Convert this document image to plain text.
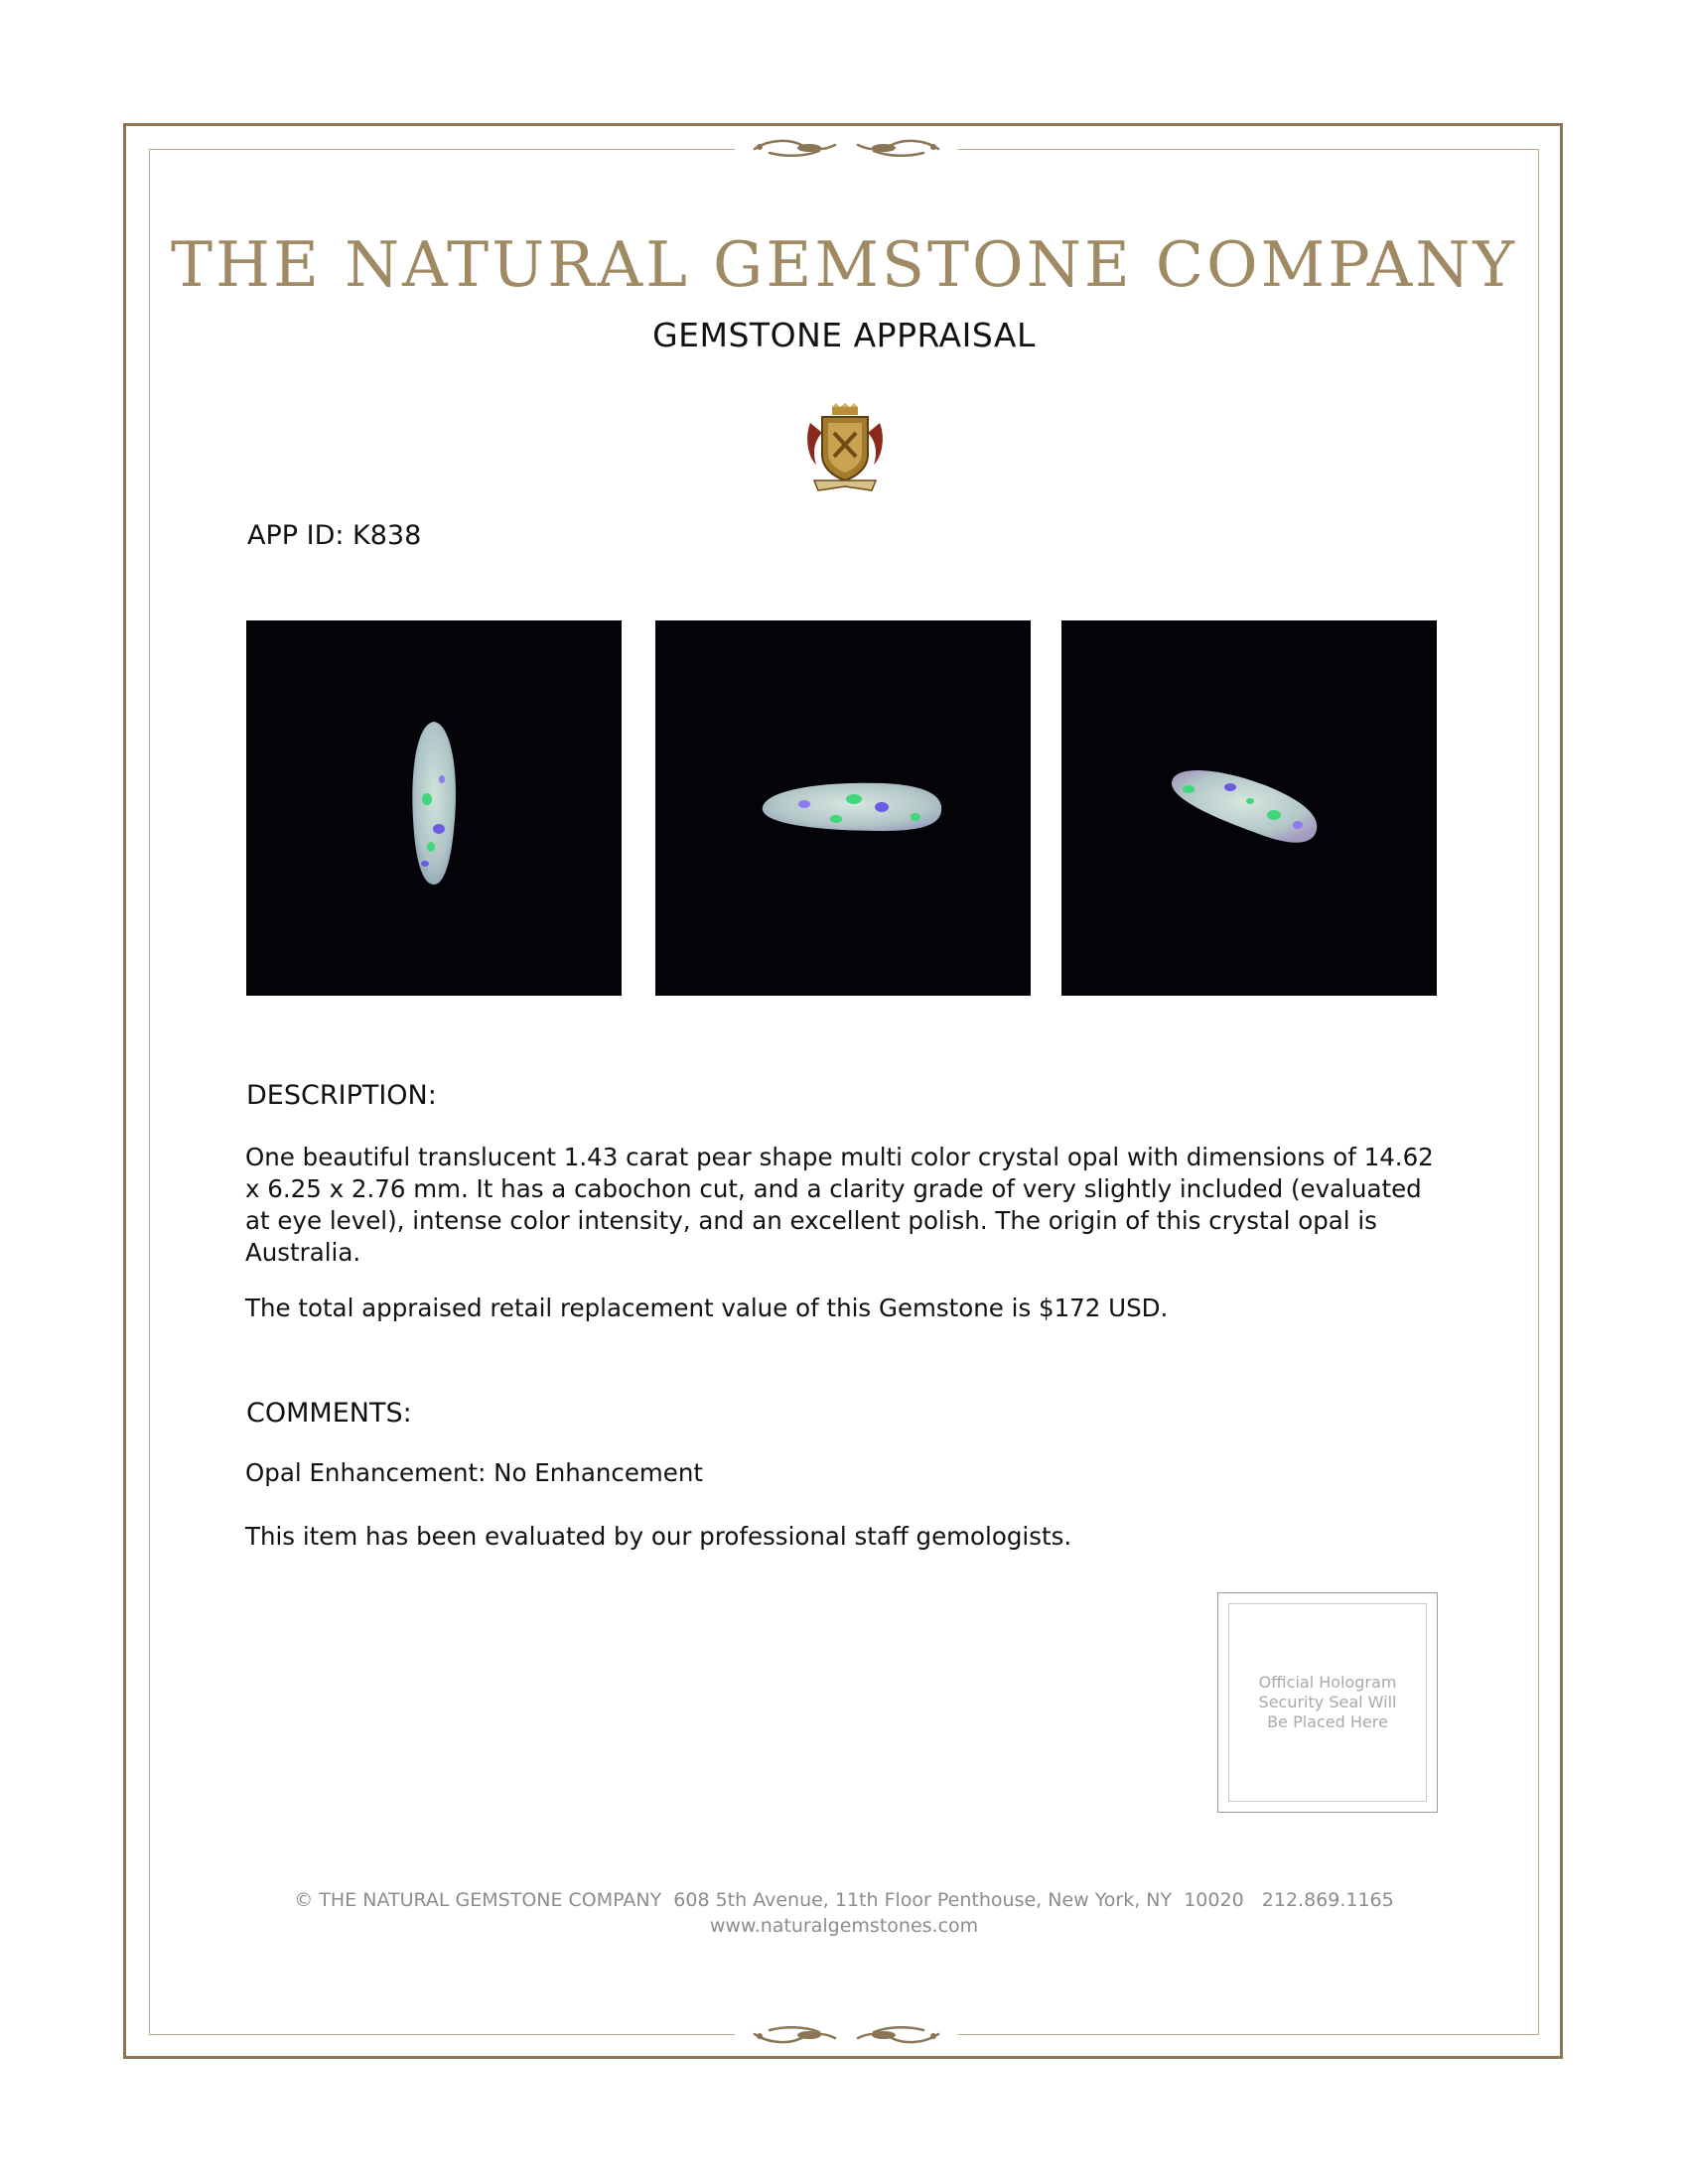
THE NATURAL GEMSTONE COMPANY
GEMSTONE APPRAISAL
APP ID: K838
DESCRIPTION:
One beautiful translucent 1.43 carat pear shape multi color crystal opal with dimensions of 14.62 x 6.25 x 2.76 mm. It has a cabochon cut, and a clarity grade of very slightly included (evaluated at eye level), intense color intensity, and an excellent polish. The origin of this crystal opal is Australia.
The total appraised retail replacement value of this Gemstone is $172 USD.
COMMENTS:
Opal Enhancement: No Enhancement
This item has been evaluated by our professional staff gemologists.
Official Hologram Security Seal Will Be Placed Here
© THE NATURAL GEMSTONE COMPANY  608 5th Avenue, 11th Floor Penthouse, New York, NY  10020   212.869.1165
www.naturalgemstones.com
